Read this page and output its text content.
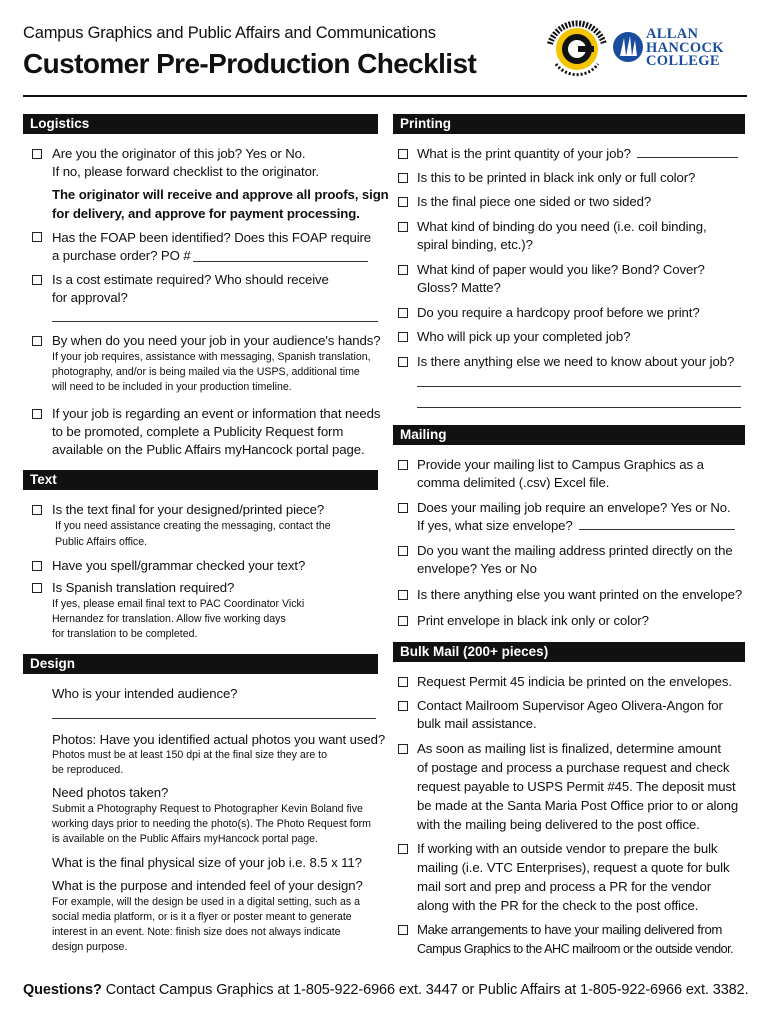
Campus Graphics and Public Affairs and Communications
Customer Pre-Production Checklist
ALLAN
HANCOCK
COLLEGE
Logistics
Are you the originator of this job? Yes or No.
If no, please forward checklist to the originator.
The originator will receive and approve all proofs, sign
for delivery, and approve for payment processing.
Has the FOAP been identified? Does this FOAP require
a purchase order? PO #
Is a cost estimate required? Who should receive
for approval?
By when do you need your job in your audience's hands?
If your job requires, assistance with messaging, Spanish translation,
photography, and/or is being mailed via the USPS, additional time
will need to be included in your production timeline.
If your job is regarding an event or information that needs
to be promoted, complete a Publicity Request form
available on the Public Affairs myHancock portal page.
Text
Is the text final for your designed/printed piece?
If you need assistance creating the messaging, contact the
Public Affairs office.
Have you spell/grammar checked your text?
Is Spanish translation required?
If yes, please email final text to PAC Coordinator Vicki
Hernandez for translation. Allow five working days
for translation to be completed.
Design
Who is your intended audience?
Photos: Have you identified actual photos you want used?
Photos must be at least 150 dpi at the final size they are to
be reproduced.
Need photos taken?
Submit a Photography Request to Photographer Kevin Boland five
working days prior to needing the photo(s). The Photo Request form
is available on the Public Affairs myHancock portal page.
What is the final physical size of your job i.e. 8.5 x 11?
What is the purpose and intended feel of your design?
For example, will the design be used in a digital setting, such as a
social media platform, or is it a flyer or poster meant to generate
interest in an event. Note: finish size does not always indicate
design purpose.
Printing
What is the print quantity of your job?
Is this to be printed in black ink only or full color?
Is the final piece one sided or two sided?
What kind of binding do you need (i.e. coil binding,
spiral binding, etc.)?
What kind of paper would you like? Bond? Cover?
Gloss? Matte?
Do you require a hardcopy proof before we print?
Who will pick up your completed job?
Is there anything else we need to know about your job?
Mailing
Provide your mailing list to Campus Graphics as a
comma delimited (.csv) Excel file.
Does your mailing job require an envelope? Yes or No.
If yes, what size envelope?
Do you want the mailing address printed directly on the
envelope? Yes or No
Is there anything else you want printed on the envelope?
Print envelope in black ink only or color?
Bulk Mail (200+ pieces)
Request Permit 45 indicia be printed on the envelopes.
Contact Mailroom Supervisor Ageo Olivera-Angon for
bulk mail assistance.
As soon as mailing list is finalized, determine amount
of postage and process a purchase request and check
request payable to USPS Permit #45. The deposit must
be made at the Santa Maria Post Office prior to or along
with the mailing being delivered to the post office.
If working with an outside vendor to prepare the bulk
mailing (i.e. VTC Enterprises), request a quote for bulk
mail sort and prep and process a PR for the vendor
along with the PR for the check to the post office.
Make arrangements to have your mailing delivered from
Campus Graphics to the AHC mailroom or the outside vendor.
Questions? Contact Campus Graphics at 1-805-922-6966 ext. 3447 or Public Affairs at 1-805-922-6966 ext. 3382.
